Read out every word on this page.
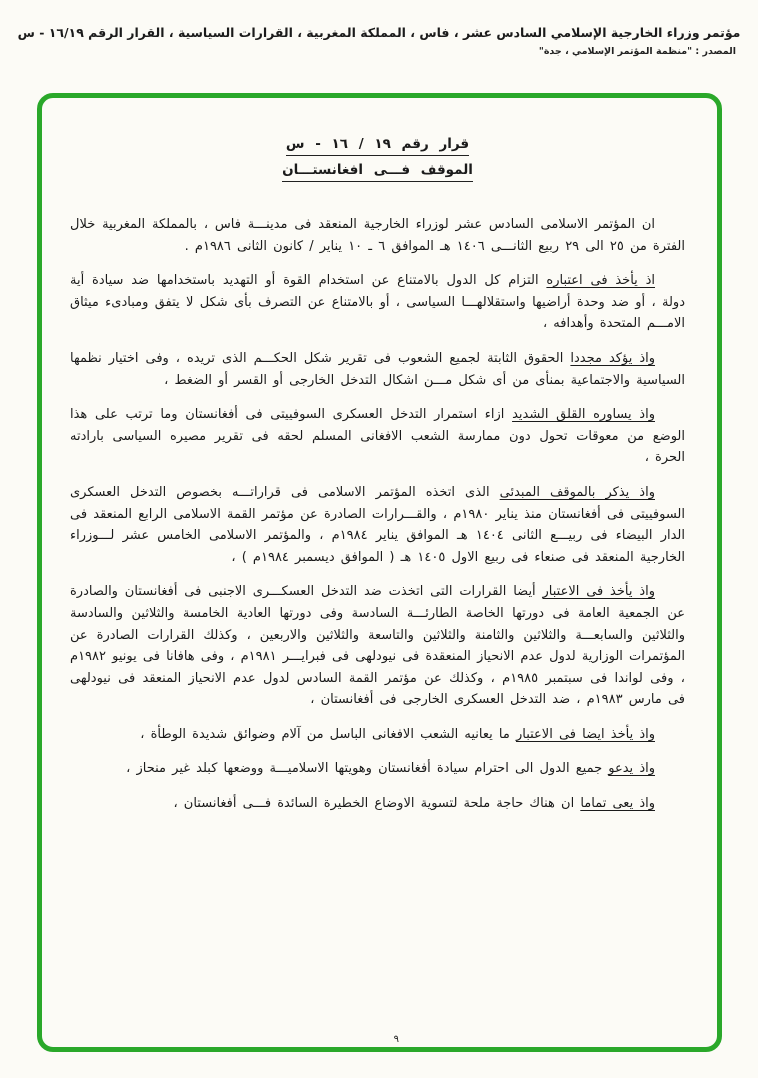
مؤتمر وزراء الخارجية الإسلامي السادس عشر ، فاس ، المملكة المغربية ، القرارات السياسية ، القرار الرقم ١٦/١٩ - س
المصدر : "منظمة المؤتمر الإسلامي ، جدة"
قرار رقم ١٩ / ١٦ - س
الموقف فـــى افغانستـــان

ان المؤتمر الاسلامى السادس عشر لوزراء الخارجية المنعقد فى مدينـــة فاس ، بالمملكة المغربية خلال الفترة من ٢٥ الى ٢٩ ربيع الثانـــى ١٤٠٦ هـ الموافق ٦ ـ ١٠ يناير / كانون الثانى ١٩٨٦م .

اذ يأخذ فى اعتباره التزام كل الدول بالامتناع عن استخدام القوة أو التهديد باستخدامها ضد سيادة أية دولة ، أو ضد وحدة أراضيها واستقلالهـــا السياسى ، أو بالامتناع عن التصرف بأى شكل لا يتفق ومبادىء ميثاق الامـــم المتحدة وأهدافه ،

واذ يؤكد مجددا الحقوق الثابتة لجميع الشعوب فى تقرير شكل الحكـــم الذى تريده ، وفى اختيار نظمها السياسية والاجتماعية بمنأى من أى شكل مـــن اشكال التدخل الخارجى أو القسر أو الضغط ،

واذ يساوره القلق الشديد ازاء استمرار التدخل العسكرى السوفييتى فى أفغانستان وما ترتب على هذا الوضع من معوقات تحول دون ممارسة الشعب الافغانى المسلم لحقه فى تقرير مصيره السياسى بارادته الحرة ،

واذ يذكر بالموقف المبدئى الذى اتخذه المؤتمر الاسلامى فى قراراتـــه بخصوص التدخل العسكرى السوفييتى فى أفغانستان منذ يناير ١٩٨٠م ، والقـــرارات الصادرة عن مؤتمر القمة الاسلامى الرابع المنعقد فى الدار البيضاء فى ربيـــع الثانى ١٤٠٤ هـ الموافق يناير ١٩٨٤م ، والمؤتمر الاسلامى الخامس عشر لـــوزراء الخارجية المنعقد فى صنعاء فى ربيع الاول ١٤٠٥ هـ ( الموافق ديسمبر ١٩٨٤م ) ،

واذ يأخذ فى الاعتبار أيضا القرارات التى اتخذت ضد التدخل العسكـــرى الاجنبى فى أفغانستان والصادرة عن الجمعية العامة فى دورتها الخاصة الطارئـــة السادسة وفى دورتها العادية الخامسة والثلاثين والسادسة والثلاثين والسابعـــة والثلاثين والثامنة والثلاثين والتاسعة والثلاثين والاربعين ، وكذلك القرارات الصادرة عن المؤتمرات الوزارية لدول عدم الانحياز المنعقدة فى نيودلهى فى فبرايـــر ١٩٨١م ، وفى هافانا فى يونيو ١٩٨٢م ، وفى لواندا فى سبتمبر ١٩٨٥م ، وكذلك عن مؤتمر القمة السادس لدول عدم الانحياز المنعقد فى نيودلهى فى مارس ١٩٨٣م ، ضد التدخل العسكرى الخارجى فى أفغانستان ،

واذ يأخذ ايضا فى الاعتبار ما يعانيه الشعب الافغانى الباسل من آلام وضوائق شديدة الوطأة ،

واذ يدعو جميع الدول الى احترام سيادة أفغانستان وهويتها الاسلاميـــة ووضعها كبلد غير منحاز ،

واذ يعى تماما ان هناك حاجة ملحة لتسوية الاوضاع الخطيرة السائدة فـــى أفغانستان ،

٩
